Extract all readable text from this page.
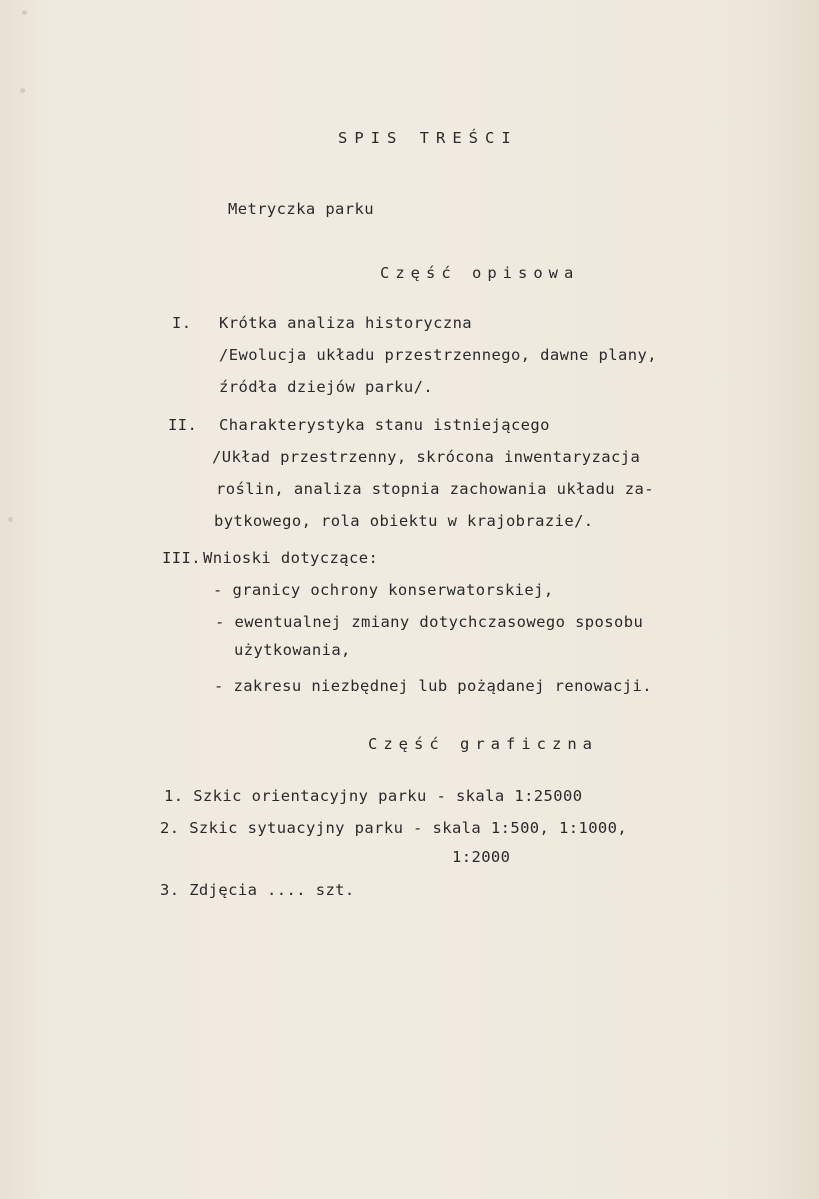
SPIS TREŚCI
Metryczka parku
Część opisowa
I. Krótka analiza historyczna
/Ewolucja układu przestrzennego, dawne plany,
źródła dziejów parku/.
II. Charakterystyka stanu istniejącego
/Układ przestrzenny, skrócona inwentaryzacja
roślin, analiza stopnia zachowania układu za-
bytkowego, rola obiektu w krajobrazie/.
III. Wnioski dotyczące:
- granicy ochrony konserwatorskiej,
- ewentualnej zmiany dotychczasowego sposobu
użytkowania,
- zakresu niezbędnej lub pożądanej renowacji.
Część graficzna
1. Szkic orientacyjny parku - skala 1:25000
2. Szkic sytuacyjny parku - skala 1:500, 1:1000,
1:2000
3. Zdjęcia .... szt.
